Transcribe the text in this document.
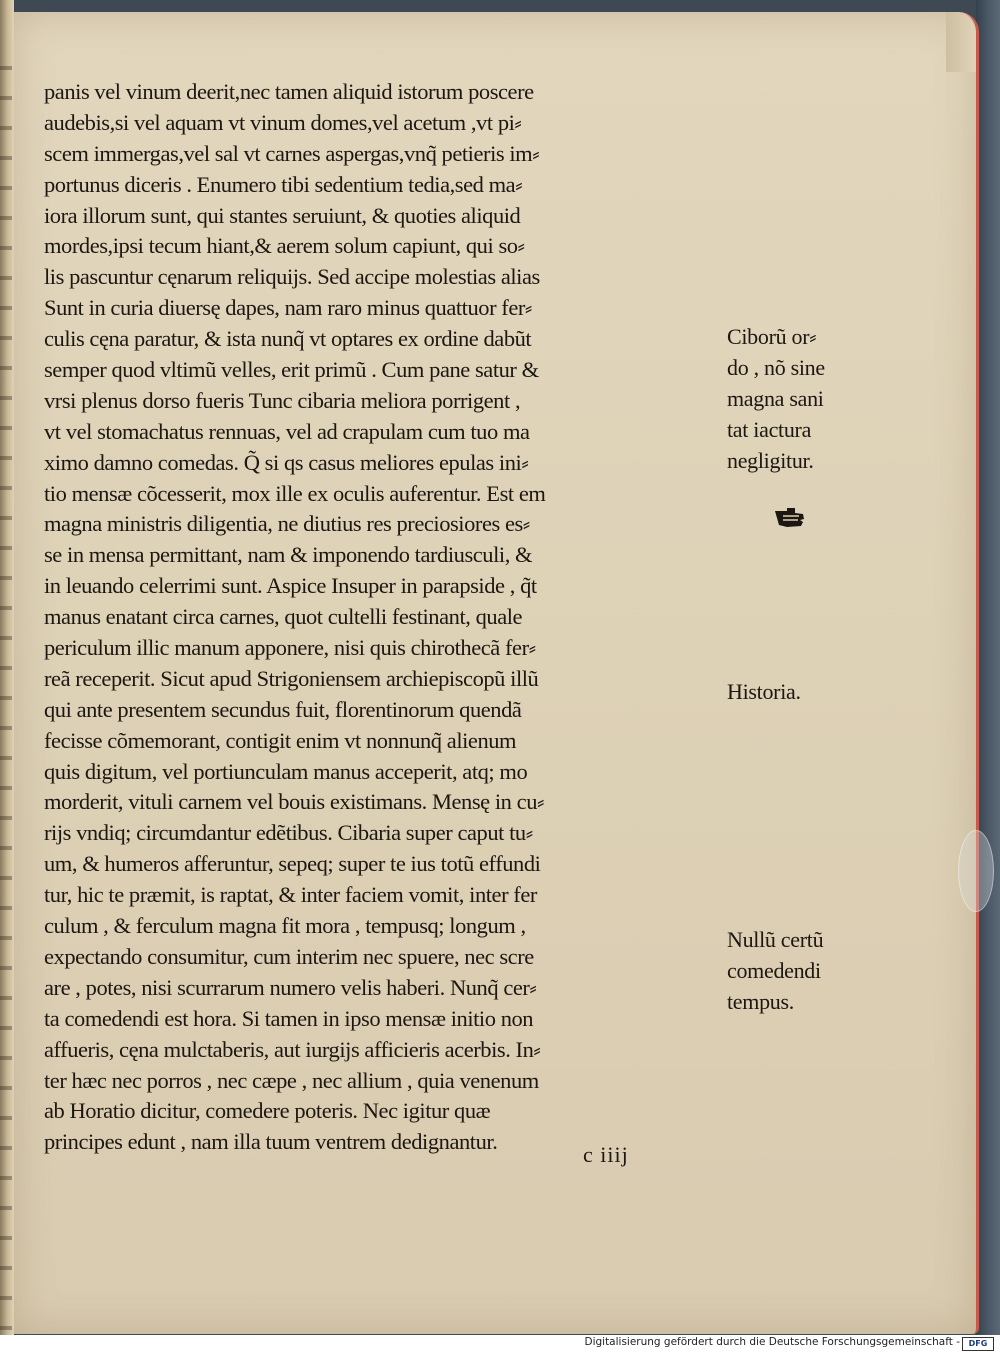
panis vel vinum deerit,nec tamen aliquid istorum poscere
audebis,si vel aquam vt vinum domes,vel acetum ,vt pi⸗
scem immergas,vel sal vt carnes aspergas,vnq̃ petieris im⸗
portunus diceris . Enumero tibi sedentium tedia,sed ma⸗
iora illorum sunt, qui stantes seruiunt, & quoties aliquid
mordes,ipsi tecum hiant,& aerem solum capiunt, qui so⸗
lis pascuntur cęnarum reliquijs. Sed accipe molestias alias
Sunt in curia diuersę dapes, nam raro minus quattuor fer⸗
culis cęna paratur, & ista nunq̃ vt optares ex ordine dabũt
semper quod vltimũ velles, erit primũ . Cum pane satur &
vrsi plenus dorso fueris Tunc cibaria meliora porrigent ,
vt vel stomachatus rennuas, vel ad crapulam cum tuo ma
ximo damno comedas. Q̃ si qs casus meliores epulas ini⸗
tio mensæ cõcesserit, mox ille ex oculis auferentur. Est em
magna ministris diligentia, ne diutius res preciosiores es⸗
se in mensa permittant, nam & imponendo tardiusculi, &
in leuando celerrimi sunt. Aspice Insuper in parapside , q̃t
manus enatant circa carnes, quot cultelli festinant, quale
periculum illic manum apponere, nisi quis chirothecã fer⸗
reã receperit. Sicut apud Strigoniensem archiepiscopũ illũ
qui ante presentem secundus fuit, florentinorum quendã
fecisse cõmemorant, contigit enim vt nonnunq̃ alienum
quis digitum, vel portiunculam manus acceperit, atq; mo
morderit, vituli carnem vel bouis existimans. Mensę in cu⸗
rijs vndiq; circumdantur edẽtibus. Cibaria super caput tu⸗
um, & humeros afferuntur, sepeq; super te ius totũ effundi
tur, hic te præmit, is raptat, & inter faciem vomit, inter fer
culum , & ferculum magna fit mora , tempusq; longum ,
expectando consumitur, cum interim nec spuere, nec scre
are , potes, nisi scurrarum numero velis haberi. Nunq̃ cer⸗
ta comedendi est hora. Si tamen in ipso mensæ initio non
affueris, cęna mulctaberis, aut iurgijs afficieris acerbis. In⸗
ter hæc nec porros , nec cæpe , nec allium , quia venenum
ab Horatio dicitur, comedere poteris. Nec igitur quæ
principes edunt , nam illa tuum ventrem dedignantur.
c iiij
Ciborũ or⸗
do , nõ sine
magna sani
tat iactura
negligitur.
Historia.
Nullũ certũ
comedendi
tempus.
Digitalisierung gefördert durch die Deutsche Forschungsgemeinschaft -	DFG
